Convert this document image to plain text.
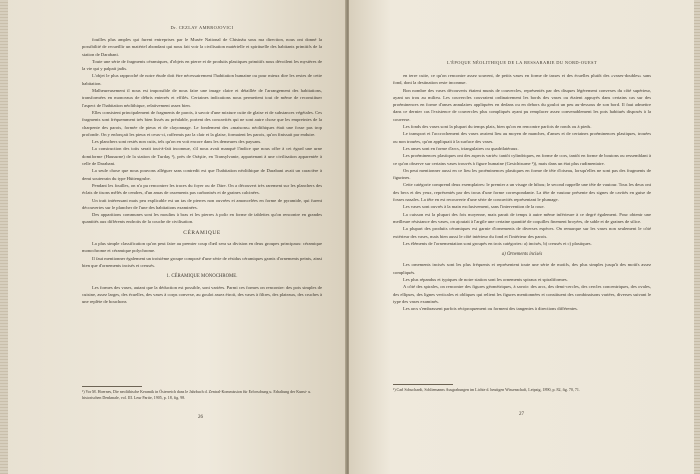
Dr. CEZLAV AMBROJOVICI

fouilles plus amples qui furent entreprises par le Musée National de Chisinău sous ma direction, nous ont donné la possibilité de recueillir un matériel abondant qui nous fait voir la civilisation matérielle et spirituelle des habitants primitifs de la station de Darabani.

Toute une série de fragments céramiques, d'objets en pierre et de produits plastiques primitifs nous dévoilent les mystères de la vie qui y palpait jadis.

L'objet le plus rapproché de notre étude doit être nécessairement l'habitation humaine ou pour mieux dire les restes de cette habitation.

Malheureusement il nous est impossible de nous faire une image claire et détaillée de l'arrangement des habitations, transformées en monceaux de débris enterrés et effilés. Certaines indications nous permettent tout de même de reconstituer l'aspect de l'habitation néolithique, relativement assez bien.

Elles consistent principalement de fragments de parois, à savoir d'une mixture cuite de glaise et de substances végétales. Ces fragments sont fréquemment très bien lissés au préalable, portent des concavités qui ne sont autre chose que les empreintes de la charpente des parois, formée de pieux et de clayonnage. Le fondement des «maisons» néolithiques était une fosse pas trop profonde. On y enfonçait les pieux et ceux-ci, raffermis par la clair et la glaise, formaient les parois, qu'on finissait par enduire.

Les planchers sont restés non cuits, tels qu'on en voit encore dans les demeures des paysans.

La construction des toits serait tout-à-fait inconnue, s'il nous avait manqué l'indice que nous offre à cet égard une urne domiforme (Hausurne) de la station de Turdaş ¹), près de Orăştie, en Transylvanie, appartenant à une civilisation apparentée à celle de Darabani.

La seule chose que nous pouvons alléguer sans contredit est que l'habitation néolithique de Darabani avait un caractère à demi souterrain du type Hüttengrube.

Pendant les fouilles, on n'a pu rencontrer les traces du foyer ou de l'âtre. On a découvert très rarement sur les planchers des éclats de tisons mêlés de cendres, d'un amas de ossements pas carbonisés et de graines calcinées.

Un trait intéressant mais peu explicable est un tas de pierres non ouvrées et amoncelées en forme de pyramide, qui furent découvertes sur le plancher de l'une des habitations examinées.

Des apparitions communes sont les moulins à bras et les pierres à polir en forme de tablettes qu'on rencontre en grandes quantités aux différents endroits de la couche de civilisation.

CÉRAMIQUE

La plus simple classification qu'on peut faire au premier coup d'œil sera sa division en deux groupes principaux: céramique monochrome et céramique polychrome.

Il faut mentionner également un troisième groupe composé d'une série de résidus céramiques garnis d'ornements peints, ainsi bien que d'ornements incisés et creusés.

1. CÉRAMIQUE MONOCHROME.

Les formes des vases, autant que la déduction est possible, sont variées. Parmi ces formes on rencontre: des pots simples de cuisine, assez larges, des écuelles, des vases à corps convexe, au goulot assez étroit, des vases à filtres, des plateaux, des cruches à une replète de bouchons

¹) Vor M. Hoernes, Die neolithische Keramik in Österreich dans le Jahrbuch d. Zentral-Kommission für Erforschung u. Erhaltung der Kunst- u. historischen Denkmale, vol. III. Leur Partie, 1905, p. 18, fig. 98.
26
L'ÉPOQUE NÉOLITHIQUE DE LA BESSARABIE DU NORD-OUEST

en terre cuite, ce qu'on rencontre assez souvent, de petits vases en forme de tasses et des écuelles plutôt des «vases-doubles» sans fond, dont la destination reste inconnue.

Bon nombre des vases découverts étaient munis de couvercles, représentés par des disques légèrement convexes du côté supérieur, ayant un trou au milieu. Les couvercles couvraient ordinairement les bords des vases ou étaient appuyés dans certains cas sur des proéminences en forme d'anses annulaires appliquées en dedans ou en dehors du goulot un peu au-dessous de son bord. Il faut admettre dans ce dernier cas l'existence de couvercles plus compliqués ayant pu remplacer assez convenablement les pots habitués disposés à la couverse.

Les fonds des vases sont la plupart du temps plats, bien qu'on en rencontre parfois de ronds ou à pieds.

Le transport et l'accrochement des vases avaient lieu au moyen de manches, d'anses et de certaines proéminences plastiques, trouées ou non trouées, qu'on appliquait à la surface des vases.

Les anses sont en forme d'arcs, triangulaires ou quadrilatéraux.

Les proéminences plastiques ont des aspects variés: tantôt cylindriques, en forme de cors, tantôt en forme de boutons ou ressemblant à ce qu'on observe sur certains vases trouvés à figure humaine (Gesichtsurne ¹)), mais dans un état plus rudimentaire.

On peut mentionner aussi en ce lieu les proéminences plastiques en forme de tête d'oiseau, lorsqu'elles ne sont pas des fragments de figurines.

Cette catégorie comprend deux exemplaires: le premier a un visage de hibou; le second rappelle une tête de vautour. Tous les deux ont des becs et des yeux, représentés par des trous d'une forme correspondante. La tête de vautour présente des signes de cavités en guise de fosses nasales. La tête en est recouverte d'une série de concavités représentant le plumage.

Les vases sont ouvrés à la main exclusivement, sans l'intervention de la roue.

La cuisson est la plupart des fois moyenne, mais parait de temps à autre même inférieure à ce degré également. Pour obtenir une meilleure résistance des vases, on ajoutait à l'argile une certaine quantité de coquilles finement broyées, de sable et de graines de silice.

La plupart des produits céramiques est garnie d'ornements de diverses espèces. On remarque sur les vases non seulement le côté extérieur des vases, mais bien aussi le côté intérieur du fond et l'intérieur des parois.

Les éléments de l'ornementation sont groupés en trois catégories: a) incisés, b) creusés et c) plastiques.

a) Ornements incisés

Les ornements incisés sont les plus fréquents et représentent toute une série de motifs, des plus simples jusqu'à des motifs assez compliqués.

Les plus répandus et typiques de notre station sont les ornements spiraux et spiraliformes.

A côté des spirales, on rencontre des figures géométriques, à savoir: des arcs, des demi-cercles, des cercles concentriques, des ovales, des ellipses, des lignes verticales et obliques qui relient les figures mentionnées et constituent des combinaisons variées, diverses suivant le type des vases examinés.

Les arcs s'embrassent parfois réciproquement ou forment des tangentes à directions différentes.

¹) Carl Schuchardt, Schliemanns Ausgrabungen im Lichte d. heutigen Wissenschaft, Leipzig, 1890, p. 82, fig. 70, 71.
27
